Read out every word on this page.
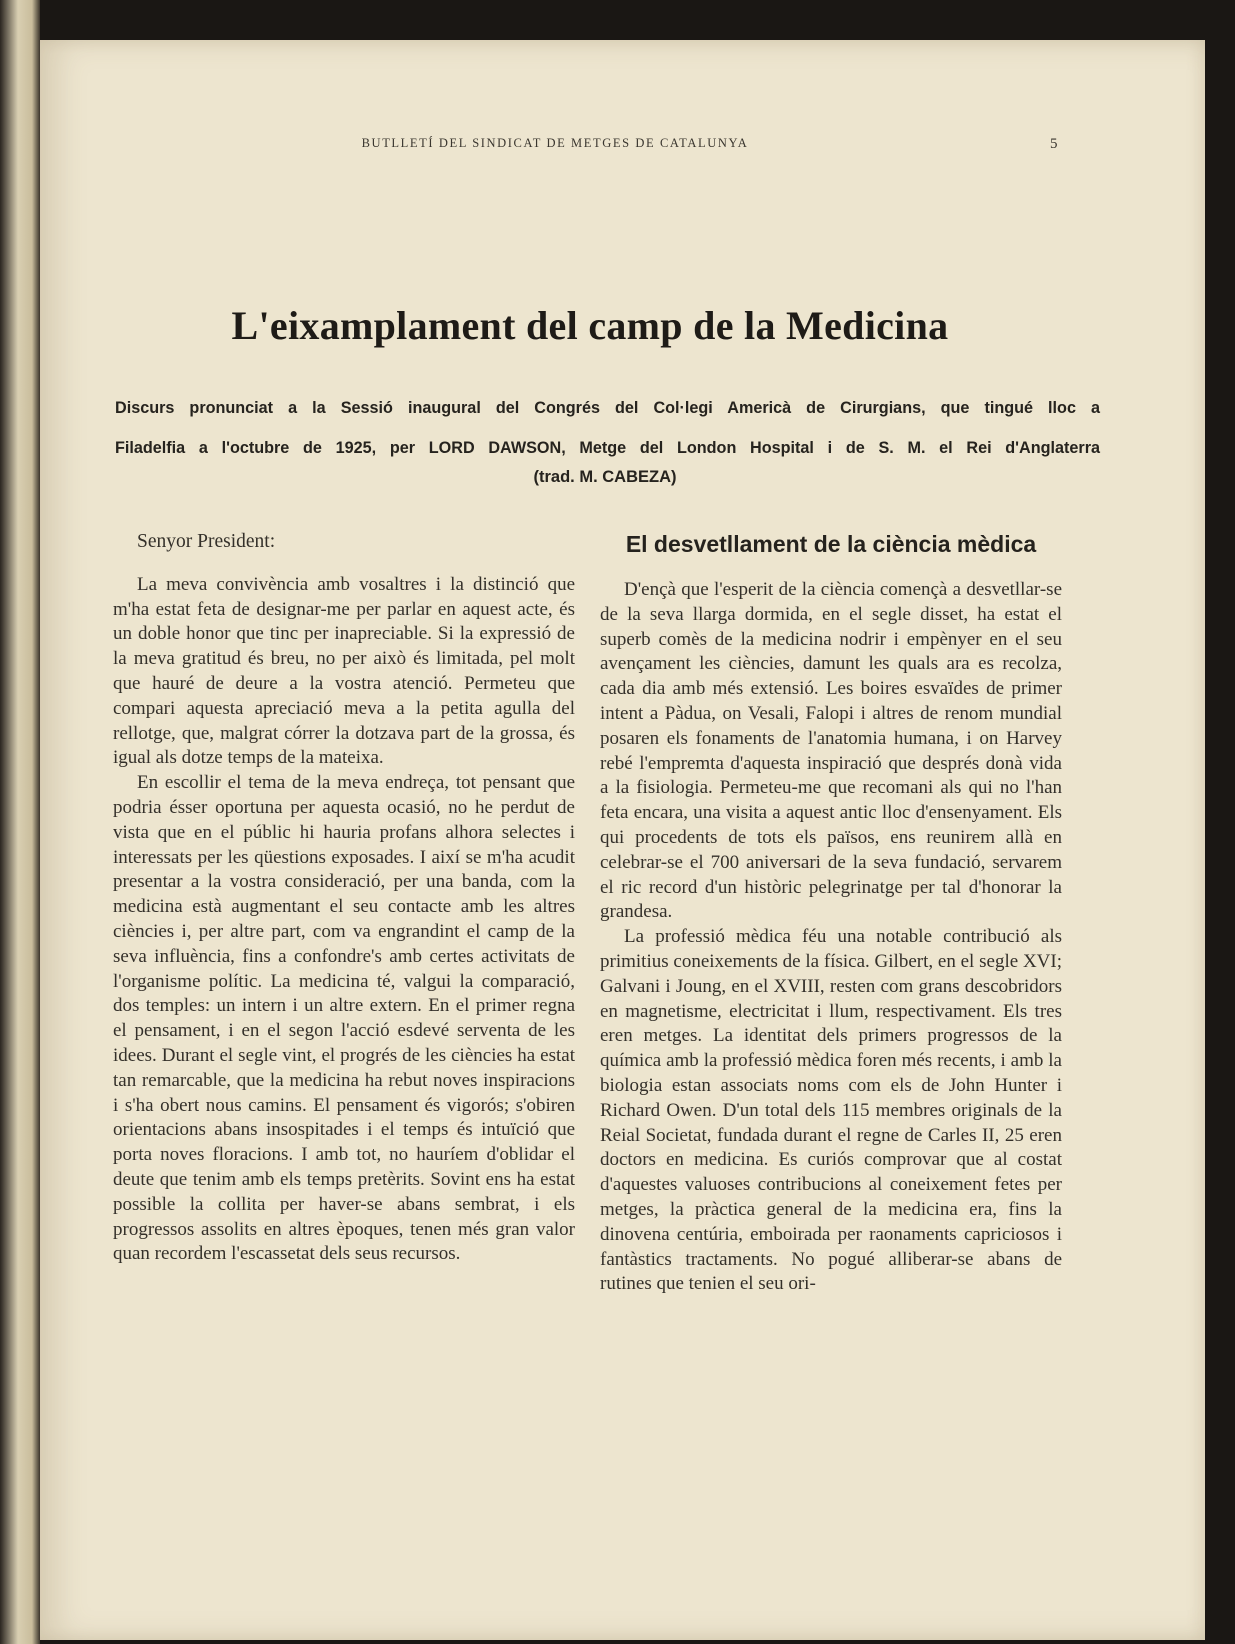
BUTLLETÍ DEL SINDICAT DE METGES DE CATALUNYA	5
L'eixamplament del camp de la Medicina
Discurs pronunciat a la Sessió inaugural del Congrés del Col·legi Americà de Cirurgians, que tingué lloc a
Filadelfia a l'octubre de 1925, per LORD DAWSON, Metge del London Hospital i de S. M. el Rei d'Anglaterra
(trad. M. CABEZA)

Senyor President:

La meva convivència amb vosaltres i la distinció que m'ha estat feta de designar-me per parlar en aquest acte, és un doble honor que tinc per inapreciable. Si la expressió de la meva gratitud és breu, no per això és limitada, pel molt que hauré de deure a la vostra atenció. Permeteu que compari aquesta apreciació meva a la petita agulla del rellotge, que, malgrat córrer la dotzava part de la grossa, és igual als dotze temps de la mateixa.

En escollir el tema de la meva endreça, tot pensant que podria ésser oportuna per aquesta ocasió, no he perdut de vista que en el públic hi hauria profans alhora selectes i interessats per les qüestions exposades. I així se m'ha acudit presentar a la vostra consideració, per una banda, com la medicina està augmentant el seu contacte amb les altres ciències i, per altre part, com va engrandint el camp de la seva influència, fins a confondre's amb certes activitats de l'organisme polític. La medicina té, valgui la comparació, dos temples: un intern i un altre extern. En el primer regna el pensament, i en el segon l'acció esdevé serventa de les idees. Durant el segle vint, el progrés de les ciències ha estat tan remarcable, que la medicina ha rebut noves inspiracions i s'ha obert nous camins. El pensament és vigorós; s'obiren orientacions abans insospitades i el temps és intuïció que porta noves floracions. I amb tot, no hauríem d'oblidar el deute que tenim amb els temps pretèrits. Sovint ens ha estat possible la collita per haver-se abans sembrat, i els progressos assolits en altres èpoques, tenen més gran valor quan recordem l'escassetat dels seus recursos.

El desvetllament de la ciència mèdica

D'ençà que l'esperit de la ciència començà a desvetllar-se de la seva llarga dormida, en el segle disset, ha estat el superb comès de la medicina nodrir i empènyer en el seu avençament les ciències, damunt les quals ara es recolza, cada dia amb més extensió. Les boires esvaïdes de primer intent a Pàdua, on Vesali, Falopi i altres de renom mundial posaren els fonaments de l'anatomia humana, i on Harvey rebé l'empremta d'aquesta inspiració que després donà vida a la fisiologia. Permeteu-me que recomani als qui no l'han feta encara, una visita a aquest antic lloc d'ensenyament. Els qui procedents de tots els països, ens reunirem allà en celebrar-se el 700 aniversari de la seva fundació, servarem el ric record d'un històric pelegrinatge per tal d'honorar la grandesa.

La professió mèdica féu una notable contribució als primitius coneixements de la física. Gilbert, en el segle XVI; Galvani i Joung, en el XVIII, resten com grans descobridors en magnetisme, electricitat i llum, respectivament. Els tres eren metges. La identitat dels primers progressos de la química amb la professió mèdica foren més recents, i amb la biologia estan associats noms com els de John Hunter i Richard Owen. D'un total dels 115 membres originals de la Reial Societat, fundada durant el regne de Carles II, 25 eren doctors en medicina. Es curiós comprovar que al costat d'aquestes valuoses contribucions al coneixement fetes per metges, la pràctica general de la medicina era, fins la dinovena centúria, emboirada per raonaments capriciosos i fantàstics tractaments. No pogué alliberar-se abans de rutines que tenien el seu ori-
